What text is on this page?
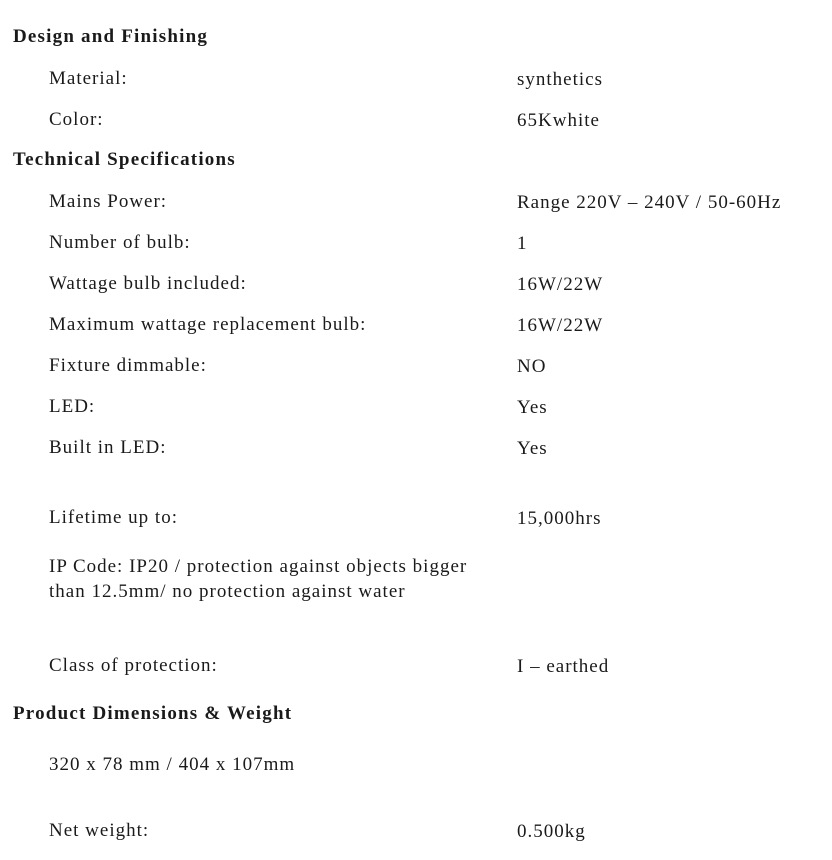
Design and Finishing
Material:	synthetics
Color:	65Kwhite
Technical Specifications
Mains Power:	Range 220V – 240V / 50-60Hz
Number of bulb:	1
Wattage bulb included:	16W/22W
Maximum wattage replacement bulb:	16W/22W
Fixture dimmable:	NO
LED:	Yes
Built in LED:	Yes
Lifetime up to:	15,000hrs
IP Code: IP20 / protection against objects bigger than 12.5mm/ no protection against water
Class of protection:	I – earthed
Product Dimensions & Weight
320 x 78 mm / 404 x 107mm
Net weight:	0.500kg
